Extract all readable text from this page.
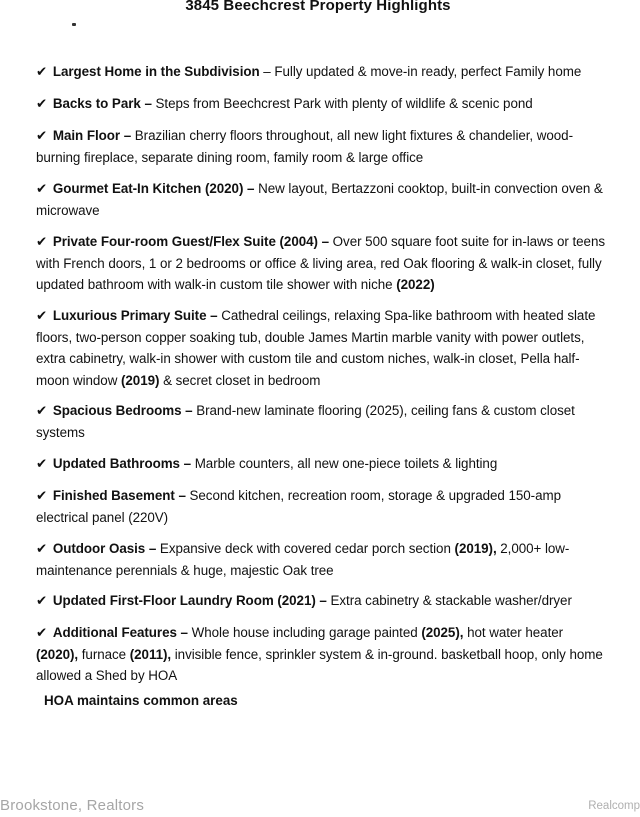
3845 Beechcrest Property Highlights
✔ Largest Home in the Subdivision – Fully updated & move-in ready, perfect Family home
✔ Backs to Park – Steps from Beechcrest Park with plenty of wildlife & scenic pond
✔ Main Floor – Brazilian cherry floors throughout, all new light fixtures & chandelier, wood-burning fireplace, separate dining room, family room & large office
✔ Gourmet Eat-In Kitchen (2020) – New layout, Bertazzoni cooktop, built-in convection oven & microwave
✔ Private Four-room Guest/Flex Suite (2004) – Over 500 square foot suite for in-laws or teens with French doors, 1 or 2 bedrooms or office & living area, red Oak flooring & walk-in closet, fully updated bathroom with walk-in custom tile shower with niche (2022)
✔ Luxurious Primary Suite – Cathedral ceilings, relaxing Spa-like bathroom with heated slate floors, two-person copper soaking tub, double James Martin marble vanity with power outlets, extra cabinetry, walk-in shower with custom tile and custom niches, walk-in closet, Pella half-moon window (2019) & secret closet in bedroom
✔ Spacious Bedrooms – Brand-new laminate flooring (2025), ceiling fans & custom closet systems
✔ Updated Bathrooms – Marble counters, all new one-piece toilets & lighting
✔ Finished Basement – Second kitchen, recreation room, storage & upgraded 150-amp electrical panel (220V)
✔ Outdoor Oasis – Expansive deck with covered cedar porch section (2019), 2,000+ low-maintenance perennials & huge, majestic Oak tree
✔ Updated First-Floor Laundry Room (2021) – Extra cabinetry & stackable washer/dryer
✔ Additional Features – Whole house including garage painted (2025), hot water heater (2020), furnace (2011), invisible fence, sprinkler system & in-ground. basketball hoop, only home allowed a Shed by HOA
HOA maintains common areas
Brookstone, Realtors	Realcomp
